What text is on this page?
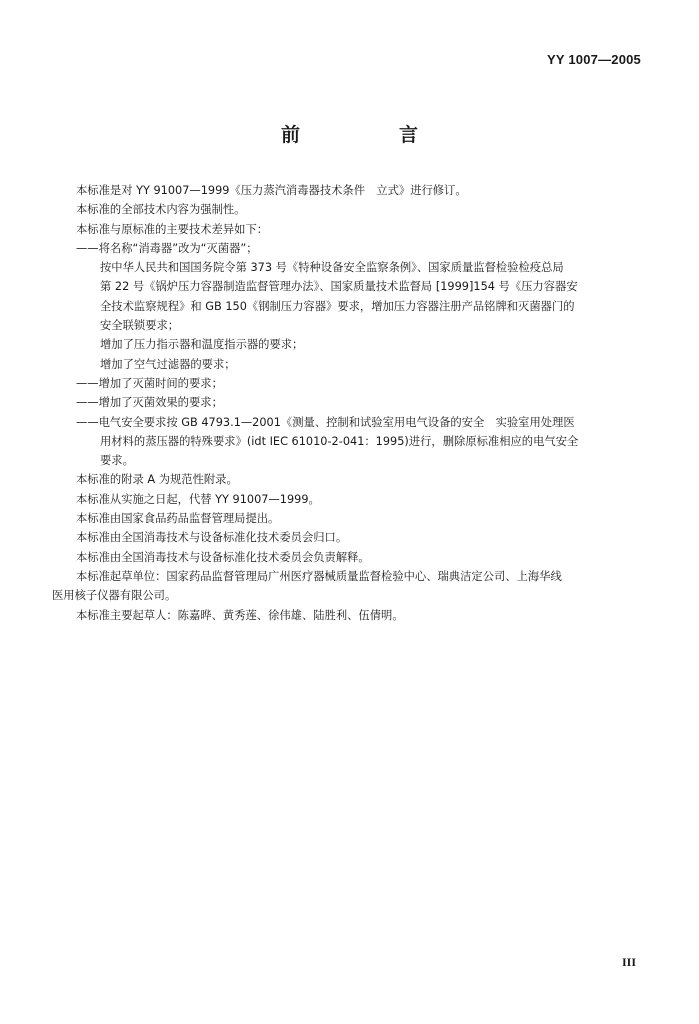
YY 1007—2005
前　言
本标准是对 YY 91007—1999《压力蒸汽消毒器技术条件　立式》进行修订。
本标准的全部技术内容为强制性。
本标准与原标准的主要技术差异如下：
——将名称“消毒器”改为“灭菌器”；
按中华人民共和国国务院令第 373 号《特种设备安全监察条例》、国家质量监督检验检疫总局
第 22 号《锅炉压力容器制造监督管理办法》、国家质量技术监督局 [1999]154 号《压力容器安
全技术监察规程》和 GB 150《钢制压力容器》要求，增加压力容器注册产品铭牌和灭菌器门的
安全联锁要求；
增加了压力指示器和温度指示器的要求；
增加了空气过滤器的要求；
——增加了灭菌时间的要求；
——增加了灭菌效果的要求；
——电气安全要求按 GB 4793.1—2001《测量、控制和试验室用电气设备的安全　实验室用处理医
用材料的蒸压器的特殊要求》(idt IEC 61010-2-041：1995)进行，删除原标准相应的电气安全
要求。
本标准的附录 A 为规范性附录。
本标准从实施之日起，代替 YY 91007—1999。
本标准由国家食品药品监督管理局提出。
本标准由全国消毒技术与设备标准化技术委员会归口。
本标准由全国消毒技术与设备标准化技术委员会负责解释。
本标准起草单位：国家药品监督管理局广州医疗器械质量监督检验中心、瑞典洁定公司、上海华线
医用核子仪器有限公司。
本标准主要起草人：陈嘉晔、黄秀莲、徐伟雄、陆胜利、伍倩明。
III
